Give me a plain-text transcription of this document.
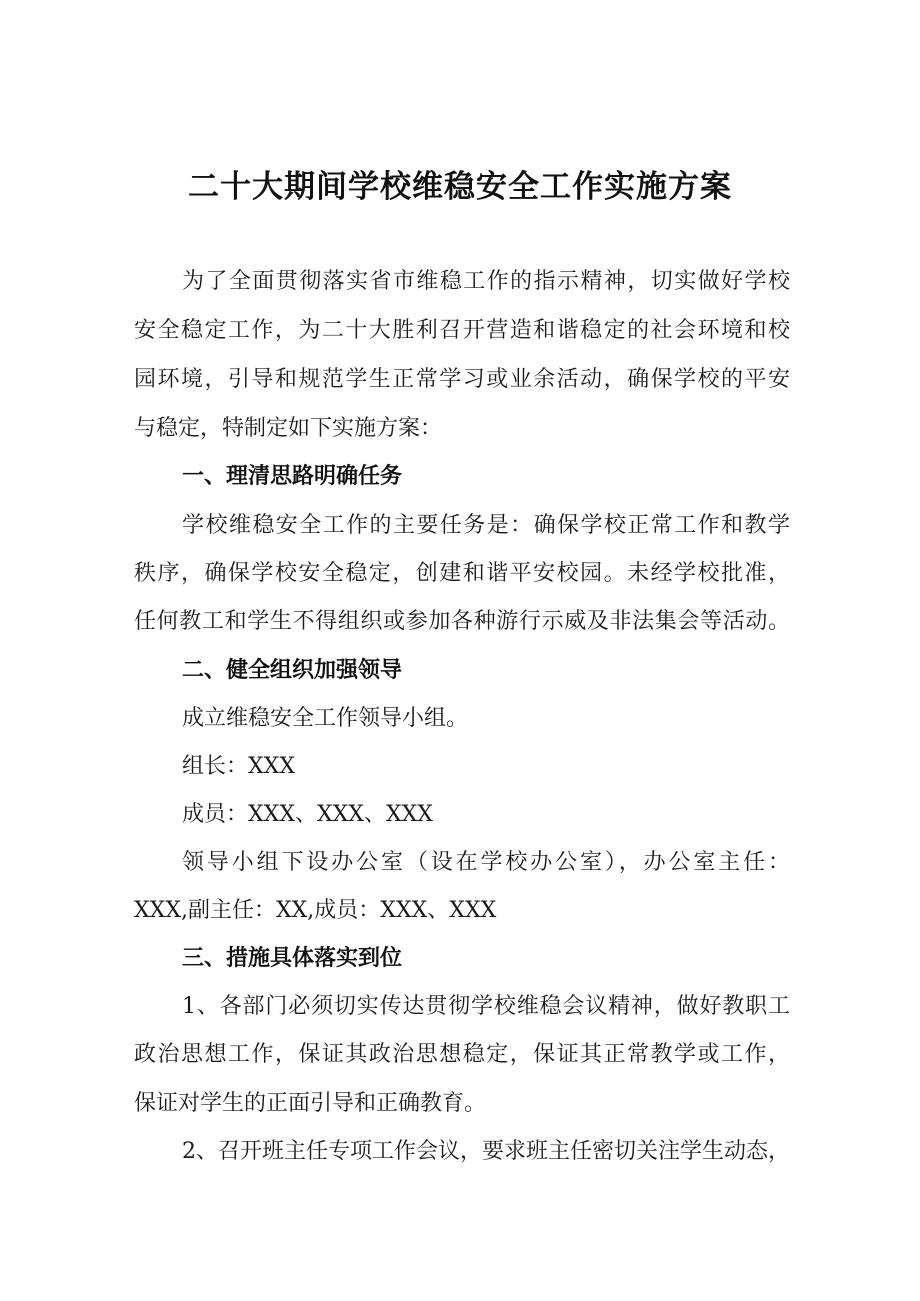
二十大期间学校维稳安全工作实施方案
为了全面贯彻落实省市维稳工作的指示精神，切实做好学校
安全稳定工作，为二十大胜利召开营造和谐稳定的社会环境和校
园环境，引导和规范学生正常学习或业余活动，确保学校的平安
与稳定，特制定如下实施方案：
一、理清思路明确任务
学校维稳安全工作的主要任务是：确保学校正常工作和教学
秩序，确保学校安全稳定，创建和谐平安校园。未经学校批准，
任何教工和学生不得组织或参加各种游行示威及非法集会等活动。
二、健全组织加强领导
成立维稳安全工作领导小组。
组长：XXX
成员：XXX、XXX、XXX
领导小组下设办公室（设在学校办公室），办公室主任：
XXX,副主任：XX,成员：XXX、XXX
三、措施具体落实到位
1、各部门必须切实传达贯彻学校维稳会议精神，做好教职工
政治思想工作，保证其政治思想稳定，保证其正常教学或工作，
保证对学生的正面引导和正确教育。
2、召开班主任专项工作会议，要求班主任密切关注学生动态，
